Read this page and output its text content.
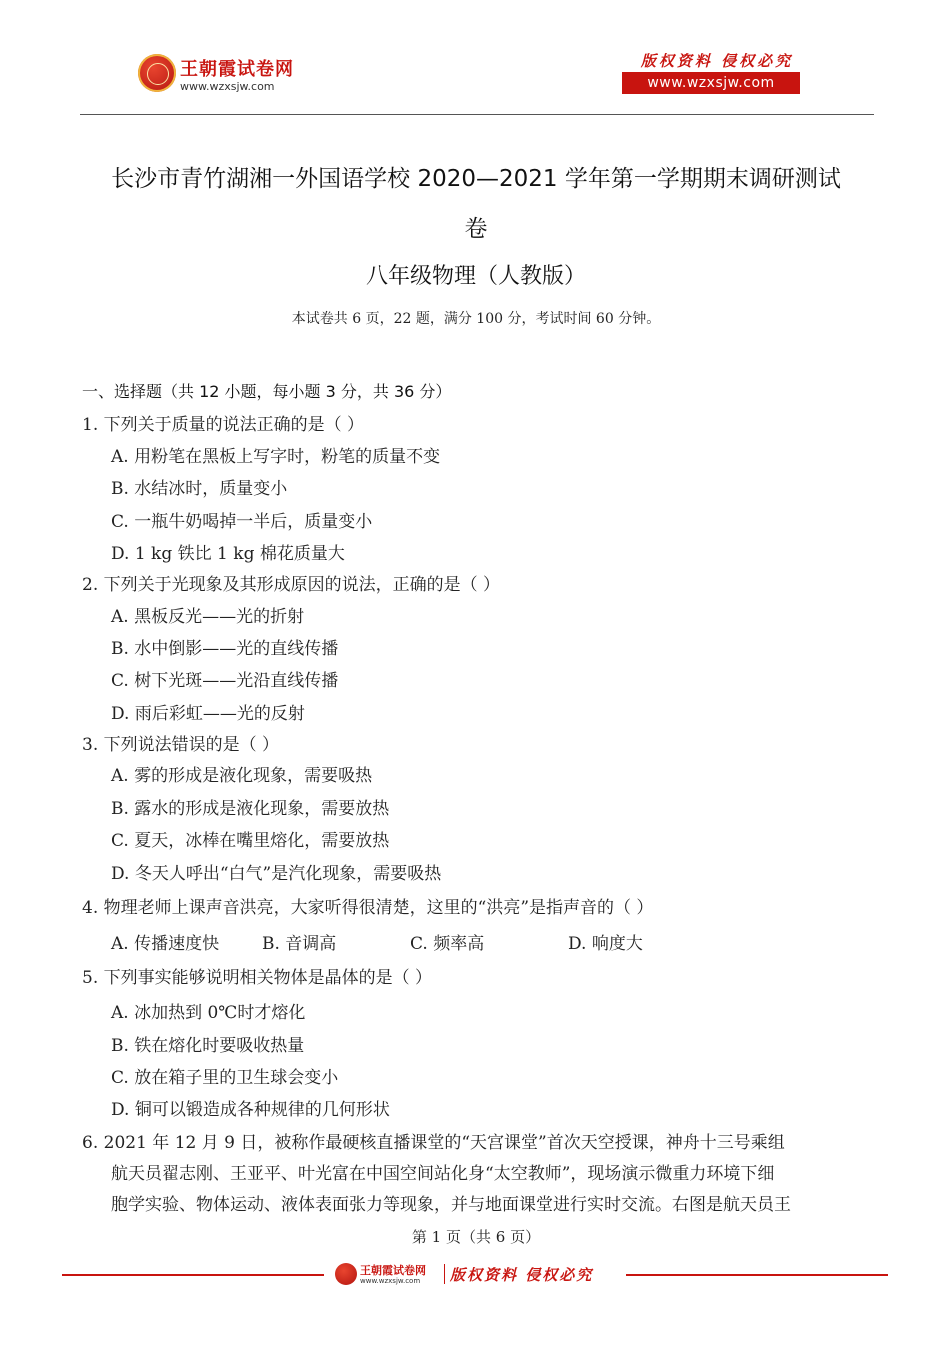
王朝霞试卷网
www.wzxsjw.com
版权资料 侵权必究
www.wzxsjw.com
长沙市青竹湖湘一外国语学校 2020—2021 学年第一学期期末调研测试
卷
八年级物理（人教版）
本试卷共 6 页，22 题，满分 100 分，考试时间 60 分钟。
一、选择题（共 12 小题，每小题 3 分，共 36 分）
1. 下列关于质量的说法正确的是（ ）
A. 用粉笔在黑板上写字时，粉笔的质量不变
B. 水结冰时，质量变小
C. 一瓶牛奶喝掉一半后，质量变小
D. 1 kg 铁比 1 kg 棉花质量大
2. 下列关于光现象及其形成原因的说法，正确的是（ ）
A. 黑板反光——光的折射
B. 水中倒影——光的直线传播
C. 树下光斑——光沿直线传播
D. 雨后彩虹——光的反射
3. 下列说法错误的是（ ）
A. 雾的形成是液化现象，需要吸热
B. 露水的形成是液化现象，需要放热
C. 夏天，冰棒在嘴里熔化，需要放热
D. 冬天人呼出“白气”是汽化现象，需要吸热
4. 物理老师上课声音洪亮，大家听得很清楚，这里的“洪亮”是指声音的（ ）
A. 传播速度快	B. 音调高	C. 频率高	D. 响度大
5. 下列事实能够说明相关物体是晶体的是（ ）
A. 冰加热到 0℃时才熔化
B. 铁在熔化时要吸收热量
C. 放在箱子里的卫生球会变小
D. 铜可以锻造成各种规律的几何形状
6. 2021 年 12 月 9 日，被称作最硬核直播课堂的“天宫课堂”首次天空授课，神舟十三号乘组
航天员翟志刚、王亚平、叶光富在中国空间站化身“太空教师”，现场演示微重力环境下细
胞学实验、物体运动、液体表面张力等现象，并与地面课堂进行实时交流。右图是航天员王
第 1 页（共 6 页）
王朝霞试卷网
www.wzxsjw.com 版权资料 侵权必究
